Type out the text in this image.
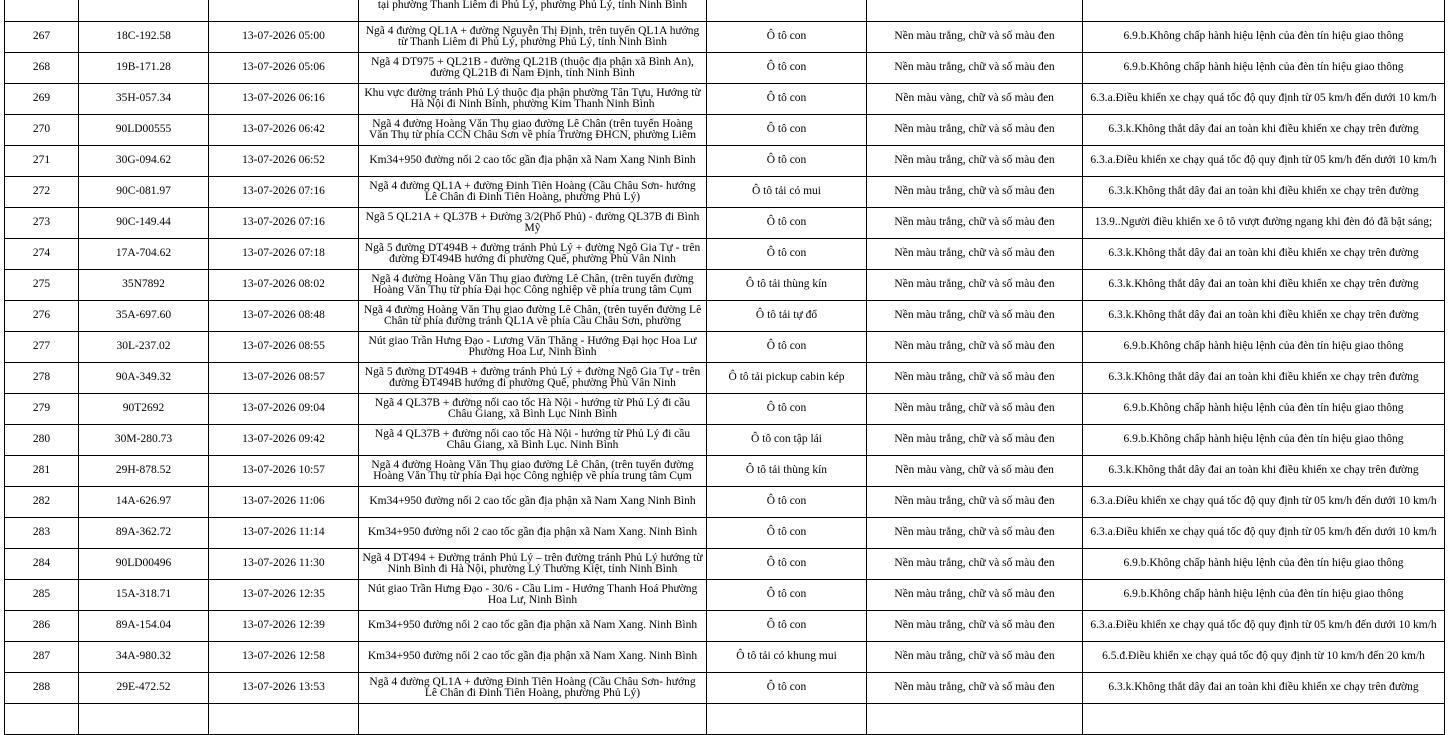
			tại phường Thanh Liêm đi Phủ Lý, phường Phủ Lý, tỉnh Ninh Bình			

267	18C-192.58	13-07-2026 05:00	Ngã 4 đường QL1A + đường Nguyễn Thị Định, trên tuyến QL1A hướng từ Thanh Liêm đi Phủ Lý, phường Phủ Lý, tỉnh Ninh Bình	Ô tô con	Nền màu trắng, chữ và số màu đen	6.9.b.Không chấp hành hiệu lệnh của đèn tín hiệu giao thông
268	19B-171.28	13-07-2026 05:06	Ngã 4 DT975 + QL21B - đường QL21B (thuộc địa phận xã Bình An), đường QL21B đi Nam Định, tỉnh Ninh Bình	Ô tô con	Nền màu trắng, chữ và số màu đen	6.9.b.Không chấp hành hiệu lệnh của đèn tín hiệu giao thông
269	35H-057.34	13-07-2026 06:16	Khu vực đường tránh Phủ Lý thuộc địa phận phường Tân Tựu, Hướng từ Hà Nội đi Ninh Bình, phường Kim Thanh Ninh Bình	Ô tô con	Nền màu vàng, chữ và số màu đen	6.3.a.Điều khiển xe chạy quá tốc độ quy định từ 05 km/h đến dưới 10 km/h
270	90LD00555	13-07-2026 06:42	Ngã 4 đường Hoàng Văn Thụ giao đường Lê Chân (trên tuyến Hoàng Văn Thụ từ phía CCN Châu Sơn về phía Trường ĐHCN, phường Liêm	Ô tô con	Nền màu trắng, chữ và số màu đen	6.3.k.Không thắt dây đai an toàn khi điều khiển xe chạy trên đường
271	30G-094.62	13-07-2026 06:52	Km34+950 đường nối 2 cao tốc gần địa phận xã Nam Xang Ninh Bình	Ô tô con	Nền màu trắng, chữ và số màu đen	6.3.a.Điều khiển xe chạy quá tốc độ quy định từ 05 km/h đến dưới 10 km/h
272	90C-081.97	13-07-2026 07:16	Ngã 4 đường QL1A + đường Đinh Tiên Hoàng (Cầu Châu Sơn- hướng Lê Chân đi Đinh Tiên Hoàng, phường Phủ Lý)	Ô tô tải có mui	Nền màu trắng, chữ và số màu đen	6.3.k.Không thắt dây đai an toàn khi điều khiển xe chạy trên đường
273	90C-149.44	13-07-2026 07:16	Ngã 5 QL21A + QL37B + Đường 3/2(Phố Phủ) - đường QL37B đi Bình Mỹ	Ô tô con	Nền màu trắng, chữ và số màu đen	13.9..Người điều khiển xe ô tô vượt đường ngang khi đèn đỏ đã bật sáng;
274	17A-704.62	13-07-2026 07:18	Ngã 5 đường DT494B + đường tránh Phủ Lý + đường Ngô Gia Tự - trên đường ĐT494B hướng đi phường Quế, phường Phù Vân Ninh	Ô tô con	Nền màu trắng, chữ và số màu đen	6.3.k.Không thắt dây đai an toàn khi điều khiển xe chạy trên đường
275	35N7892	13-07-2026 08:02	Ngã 4 đường Hoàng Văn Thụ giao đường Lê Chân, (trên tuyến đường Hoàng Văn Thụ từ phía Đại học Công nghiệp về phía trung tâm Cụm	Ô tô tải thùng kín	Nền màu trắng, chữ và số màu đen	6.3.k.Không thắt dây đai an toàn khi điều khiển xe chạy trên đường
276	35A-697.60	13-07-2026 08:48	Ngã 4 đường Hoàng Văn Thụ giao đường Lê Chân, (trên tuyến đường Lê Chân từ phía đường tránh QL1A về phía Cầu Châu Sơn, phường	Ô tô tải tự đổ	Nền màu trắng, chữ và số màu đen	6.3.k.Không thắt dây đai an toàn khi điều khiển xe chạy trên đường
277	30L-237.02	13-07-2026 08:55	Nút giao Trần Hưng Đạo - Lương Văn Thăng - Hướng Đại học Hoa Lư Phường Hoa Lư, Ninh Bình	Ô tô con	Nền màu trắng, chữ và số màu đen	6.9.b.Không chấp hành hiệu lệnh của đèn tín hiệu giao thông
278	90A-349.32	13-07-2026 08:57	Ngã 5 đường DT494B + đường tránh Phủ Lý + đường Ngô Gia Tự - trên đường ĐT494B hướng đi phường Quế, phường Phù Vân Ninh	Ô tô tải pickup cabin kép	Nền màu trắng, chữ và số màu đen	6.3.k.Không thắt dây đai an toàn khi điều khiển xe chạy trên đường
279	90T2692	13-07-2026 09:04	Ngã 4 QL37B + đường nối cao tốc Hà Nội - hướng từ Phủ Lý đi cầu Châu Giang, xã Bình Lục Ninh Bình	Ô tô con	Nền màu trắng, chữ và số màu đen	6.9.b.Không chấp hành hiệu lệnh của đèn tín hiệu giao thông
280	30M-280.73	13-07-2026 09:42	Ngã 4 QL37B + đường nối cao tốc Hà Nội - hướng từ Phủ Lý đi cầu Châu Giang, xã Bình Lục. Ninh Bình	Ô tô con tập lái	Nền màu trắng, chữ và số màu đen	6.9.b.Không chấp hành hiệu lệnh của đèn tín hiệu giao thông
281	29H-878.52	13-07-2026 10:57	Ngã 4 đường Hoàng Văn Thụ giao đường Lê Chân, (trên tuyến đường Hoàng Văn Thụ từ phía Đại học Công nghiệp về phía trung tâm Cụm	Ô tô tải thùng kín	Nền màu vàng, chữ và số màu đen	6.3.k.Không thắt dây đai an toàn khi điều khiển xe chạy trên đường
282	14A-626.97	13-07-2026 11:06	Km34+950 đường nối 2 cao tốc gần địa phận xã Nam Xang Ninh Bình	Ô tô con	Nền màu trắng, chữ và số màu đen	6.3.a.Điều khiển xe chạy quá tốc độ quy định từ 05 km/h đến dưới 10 km/h
283	89A-362.72	13-07-2026 11:14	Km34+950 đường nối 2 cao tốc gần địa phận xã Nam Xang. Ninh Bình	Ô tô con	Nền màu trắng, chữ và số màu đen	6.3.a.Điều khiển xe chạy quá tốc độ quy định từ 05 km/h đến dưới 10 km/h
284	90LD00496	13-07-2026 11:30	Ngã 4 DT494 + Đường tránh Phủ Lý – trên đường tránh Phủ Lý hướng từ Ninh Bình đi Hà Nội, phường Lý Thường Kiệt, tỉnh Ninh Bình	Ô tô con	Nền màu trắng, chữ và số màu đen	6.9.b.Không chấp hành hiệu lệnh của đèn tín hiệu giao thông
285	15A-318.71	13-07-2026 12:35	Nút giao Trần Hưng Đạo - 30/6 - Cầu Lim - Hướng Thanh Hoá Phường Hoa Lư, Ninh Bình	Ô tô con	Nền màu trắng, chữ và số màu đen	6.9.b.Không chấp hành hiệu lệnh của đèn tín hiệu giao thông
286	89A-154.04	13-07-2026 12:39	Km34+950 đường nối 2 cao tốc gần địa phận xã Nam Xang. Ninh Bình	Ô tô con	Nền màu trắng, chữ và số màu đen	6.3.a.Điều khiển xe chạy quá tốc độ quy định từ 05 km/h đến dưới 10 km/h
287	34A-980.32	13-07-2026 12:58	Km34+950 đường nối 2 cao tốc gần địa phận xã Nam Xang. Ninh Bình	Ô tô tải có khung mui	Nền màu trắng, chữ và số màu đen	6.5.đ.Điều khiển xe chạy quá tốc độ quy định từ 10 km/h đến 20 km/h
288	29E-472.52	13-07-2026 13:53	Ngã 4 đường QL1A + đường Đinh Tiên Hoàng (Cầu Châu Sơn- hướng Lê Chân đi Đinh Tiên Hoàng, phường Phủ Lý)	Ô tô con	Nền màu trắng, chữ và số màu đen	6.3.k.Không thắt dây đai an toàn khi điều khiển xe chạy trên đường
